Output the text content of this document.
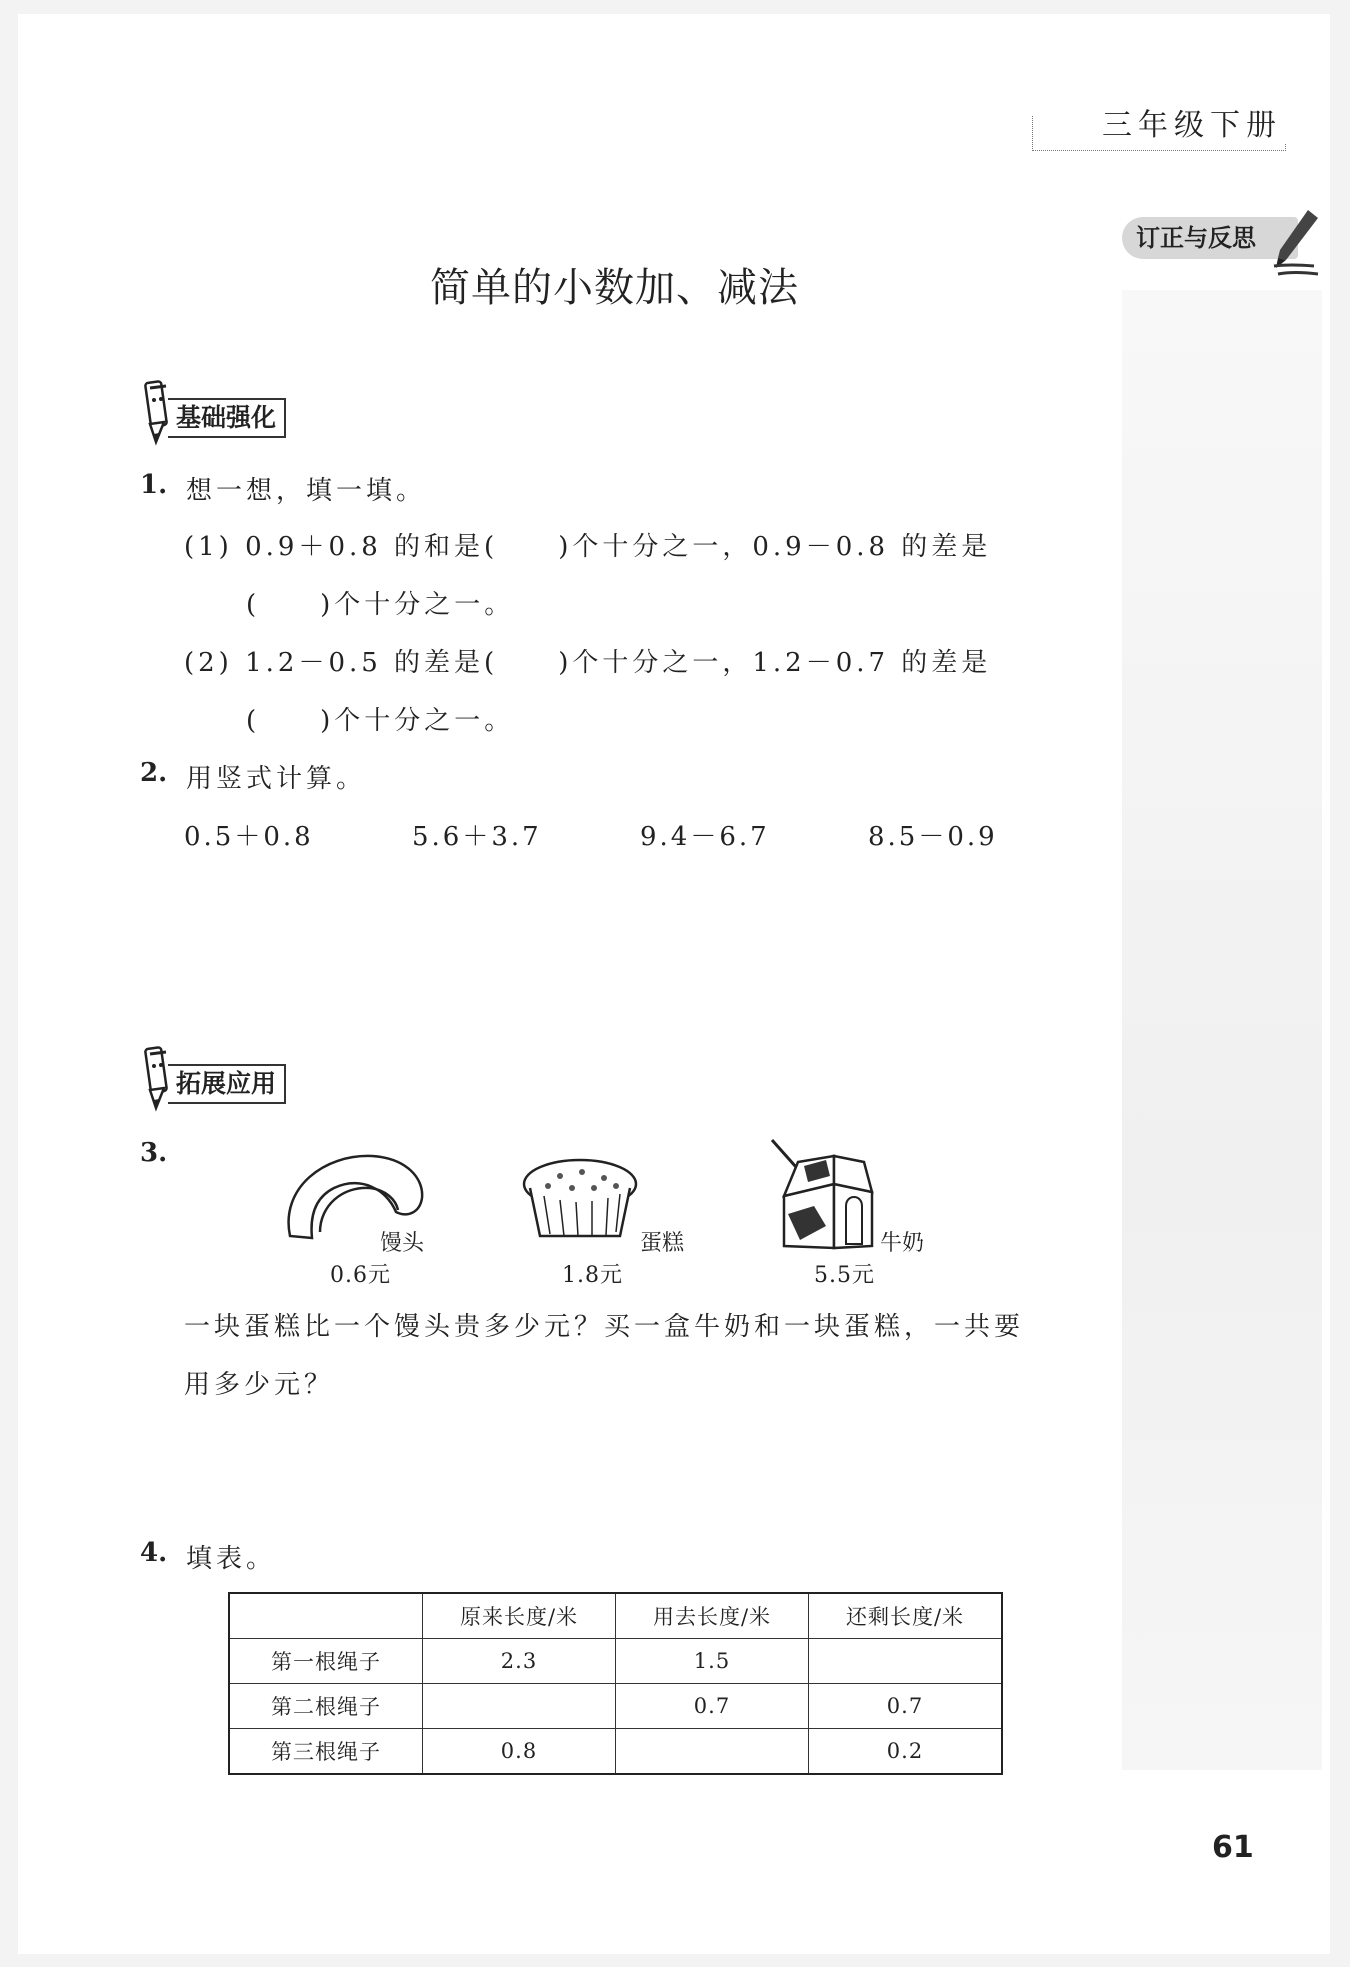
三年级下册
订正与反思
简单的小数加、减法
基础强化
1. 想一想，填一填。
(1) 0.9＋0.8 的和是(　　)个十分之一，0.9－0.8 的差是
(　　)个十分之一。
(2) 1.2－0.5 的差是(　　)个十分之一，1.2－0.7 的差是
(　　)个十分之一。
2. 用竖式计算。
0.5＋0.8	5.6＋3.7	9.4－6.7	8.5－0.9
拓展应用
3.
馒头
0.6元
蛋糕
1.8元
牛奶
5.5元
一块蛋糕比一个馒头贵多少元？买一盒牛奶和一块蛋糕，一共要
用多少元？
4. 填表。
	原来长度/米	用去长度/米	还剩长度/米
第一根绳子	2.3	1.5	
第二根绳子		0.7	0.7
第三根绳子	0.8		0.2
61
